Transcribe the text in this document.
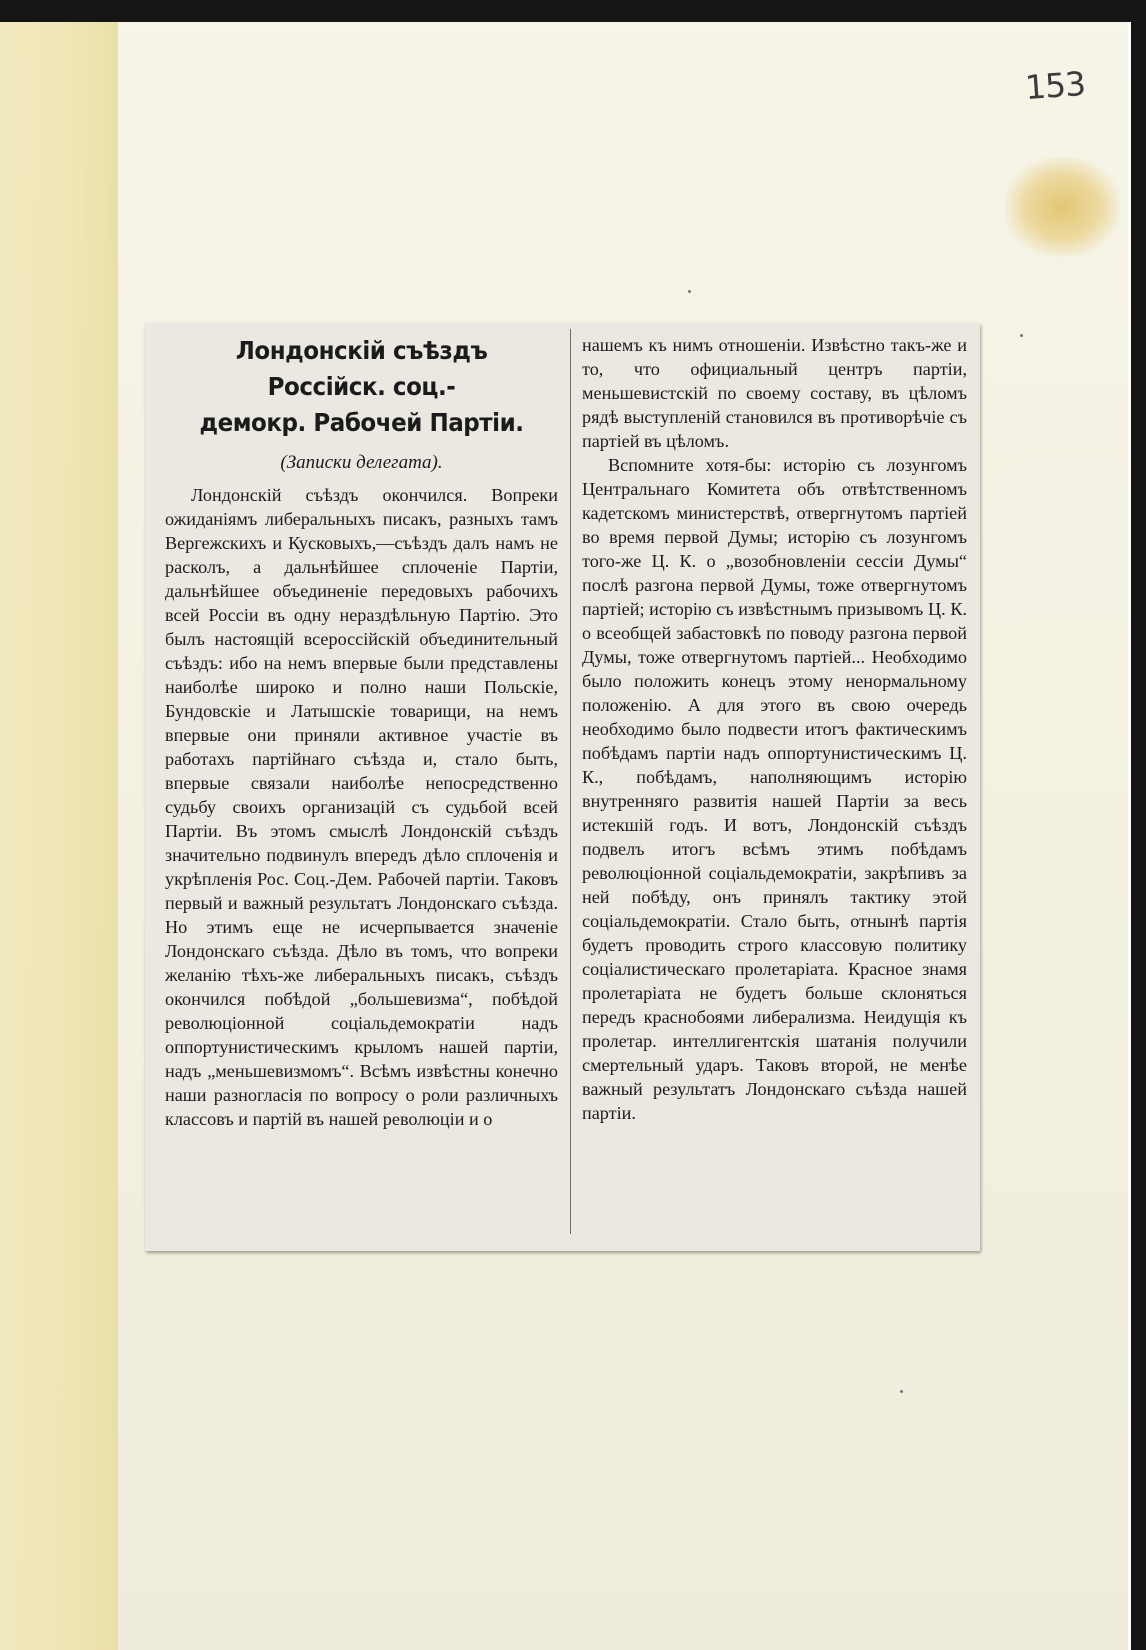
153
Лондонскій съѣздъ Россійск. соц.-
демокр. Рабочей Партіи.

(Записки делегата).

Лондонскій съѣздъ окончился. Вопреки ожиданіямъ либеральныхъ писакъ, разныхъ тамъ Вергежскихъ и Кусковыхъ,—съѣздъ далъ намъ не расколъ, а дальнѣйшее сплоченіе Партіи, дальнѣйшее объединеніе передовыхъ рабочихъ всей Россіи въ одну нераздѣльную Партію. Это былъ настоящій всероссійскій объединительный съѣздъ: ибо на немъ впервые были представлены наиболѣе широко и полно наши Польскіе, Бундовскіе и Латышскіе товарищи, на немъ впервые они приняли активное участіе въ работахъ партійнаго съѣзда и, стало быть, впервые связали наиболѣе непосредственно судьбу своихъ организацій съ судьбой всей Партіи. Въ этомъ смыслѣ Лондонскій съѣздъ значительно подвинулъ впередъ дѣло сплоченія и укрѣпленія Рос. Соц.-Дем. Рабочей партіи. Таковъ первый и важный результатъ Лондонскаго съѣзда. Но этимъ еще не исчерпывается значеніе Лондонскаго съѣзда. Дѣло въ томъ, что вопреки желанію тѣхъ-же либеральныхъ писакъ, съѣздъ окончился побѣдой „большевизма“, побѣдой революціонной соціальдемократіи надъ оппортунистическимъ крыломъ нашей партіи, надъ „меньшевизмомъ“. Всѣмъ извѣстны конечно наши разногласія по вопросу о роли различныхъ классовъ и партій въ нашей революціи и о

нашемъ къ нимъ отношеніи. Извѣстно такъ-же и то, что официальный центръ партіи, меньшевистскій по своему составу, въ цѣломъ рядѣ выступленій становился въ противорѣчіе съ партіей въ цѣломъ.

Вспомните хотя-бы: исторію съ лозунгомъ Центральнаго Комитета объ отвѣтственномъ кадетскомъ министерствѣ, отвергнутомъ партіей во время первой Думы; исторію съ лозунгомъ того-же Ц. К. о „возобновленіи сессіи Думы“ послѣ разгона первой Думы, тоже отвергнутомъ партіей; исторію съ извѣстнымъ призывомъ Ц. К. о всеобщей забастовкѣ по поводу разгона первой Думы, тоже отвергнутомъ партіей... Необходимо было положить конецъ этому ненормальному положенію. А для этого въ свою очередь необходимо было подвести итогъ фактическимъ побѣдамъ партіи надъ оппортунистическимъ Ц. К., побѣдамъ, наполняющимъ исторію внутренняго развитія нашей Партіи за весь истекшій годъ. И вотъ, Лондонскій съѣздъ подвелъ итогъ всѣмъ этимъ побѣдамъ революціонной соціальдемократіи, закрѣпивъ за ней побѣду, онъ принялъ тактику этой соціальдемократіи. Стало быть, отнынѣ партія будетъ проводить строго классовую политику соціалистическаго пролетаріата. Красное знамя пролетаріата не будетъ больше склоняться передъ краснобоями либерализма. Неидущія къ пролетар. интеллигентскія шатанія получили смертельный ударъ. Таковъ второй, не менѣе важный результатъ Лондонскаго съѣзда нашей партіи.
